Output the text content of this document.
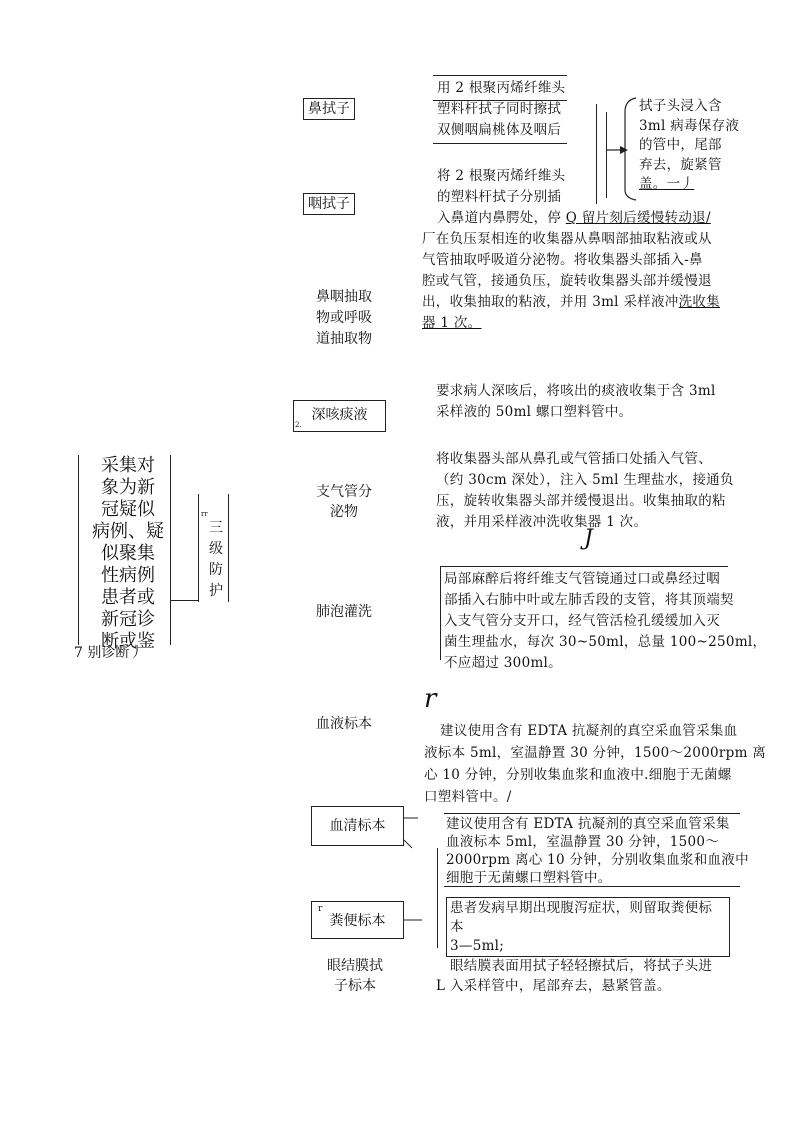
采集对
象为新
冠疑似
病例、疑
似聚集
性病例
患者或
新冠诊
断或鉴
7 别诊断丿
rr
三
级
防
护
鼻拭子
咽拭子
用 2 根聚丙烯纤维头
塑料杆拭子同时擦拭
双侧咽扁桃体及咽后
拭子头浸入含
3ml 病毒保存液
的管中，尾部
弃去，旋紧管
盖。一丿
将 2 根聚丙烯纤维头
的塑料杆拭子分别插
入鼻道内鼻腭处，停 Q 留片刻后缓慢转动退/
鼻咽抽取
物或呼吸
道抽取物
厂在负压泵相连的收集器从鼻咽部抽取粘液或从
气管抽取呼吸道分泌物。将收集器头部插入-鼻
腔或气管，接通负压，旋转收集器头部并缓慢退
出，收集抽取的粘液，并用 3ml 采样液冲洗收集
器 1 次。
深咳痰液
2.
要求病人深咳后，将咳出的痰液收集于含 3ml
采样液的 50ml 螺口塑料管中。
支气管分
泌物
将收集器头部从鼻孔或气管插口处插入气管、
（约 30cm 深处），注入 5ml 生理盐水，接通负
压，旋转收集器头部并缓慢退出。收集抽取的粘
液，并用采样液冲洗收集器 1 次。
J
肺泡灌洗
局部麻醉后将纤维支气管镜通过口或鼻经过咽
部插入右肺中叶或左肺舌段的支管，将其顶端契
入支气管分支开口，经气管活检孔缓缓加入灭
菌生理盐水，每次 30~50ml，总量 100~250ml，
不应超过 300ml。
r
血液标本	建议使用含有 EDTA 抗凝剂的真空采血管采集血
液标本 5ml，室温静置 30 分钟，1500～2000rpm 离
心 10 分钟，分别收集血浆和血液中.细胞于无菌螺
口塑料管中。/
血清标本	建议使用含有 EDTA 抗凝剂的真空采血管采集
血液标本 5ml，室温静置 30 分钟，1500～
2000rpm 离心 10 分钟，分别收集血浆和血液中
细胞于无菌螺口塑料管中。
r
粪便标本
患者发病早期出现腹泻症状，则留取粪便标
本
3—5ml;
眼结膜拭
子标本
眼结膜表面用拭子轻轻擦拭后，将拭子头进
L 入采样管中，尾部弃去，悬紧管盖。
